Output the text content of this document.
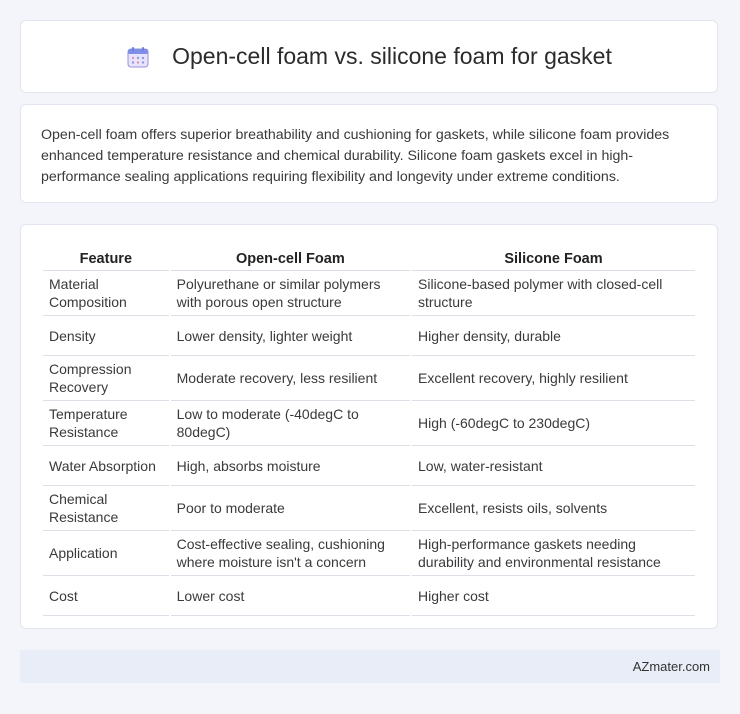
Open-cell foam vs. silicone foam for gasket

Open-cell foam offers superior breathability and cushioning for gaskets, while silicone foam provides enhanced temperature resistance and chemical durability. Silicone foam gaskets excel in high-performance sealing applications requiring flexibility and longevity under extreme conditions.

Feature	Open-cell Foam	Silicone Foam
Material Composition	Polyurethane or similar polymers with porous open structure	Silicone-based polymer with closed-cell structure
Density	Lower density, lighter weight	Higher density, durable
Compression Recovery	Moderate recovery, less resilient	Excellent recovery, highly resilient
Temperature Resistance	Low to moderate (-40degC to 80degC)	High (-60degC to 230degC)
Water Absorption	High, absorbs moisture	Low, water-resistant
Chemical Resistance	Poor to moderate	Excellent, resists oils, solvents
Application	Cost-effective sealing, cushioning where moisture isn't a concern	High-performance gaskets needing durability and environmental resistance
Cost	Lower cost	Higher cost
AZmater.com
